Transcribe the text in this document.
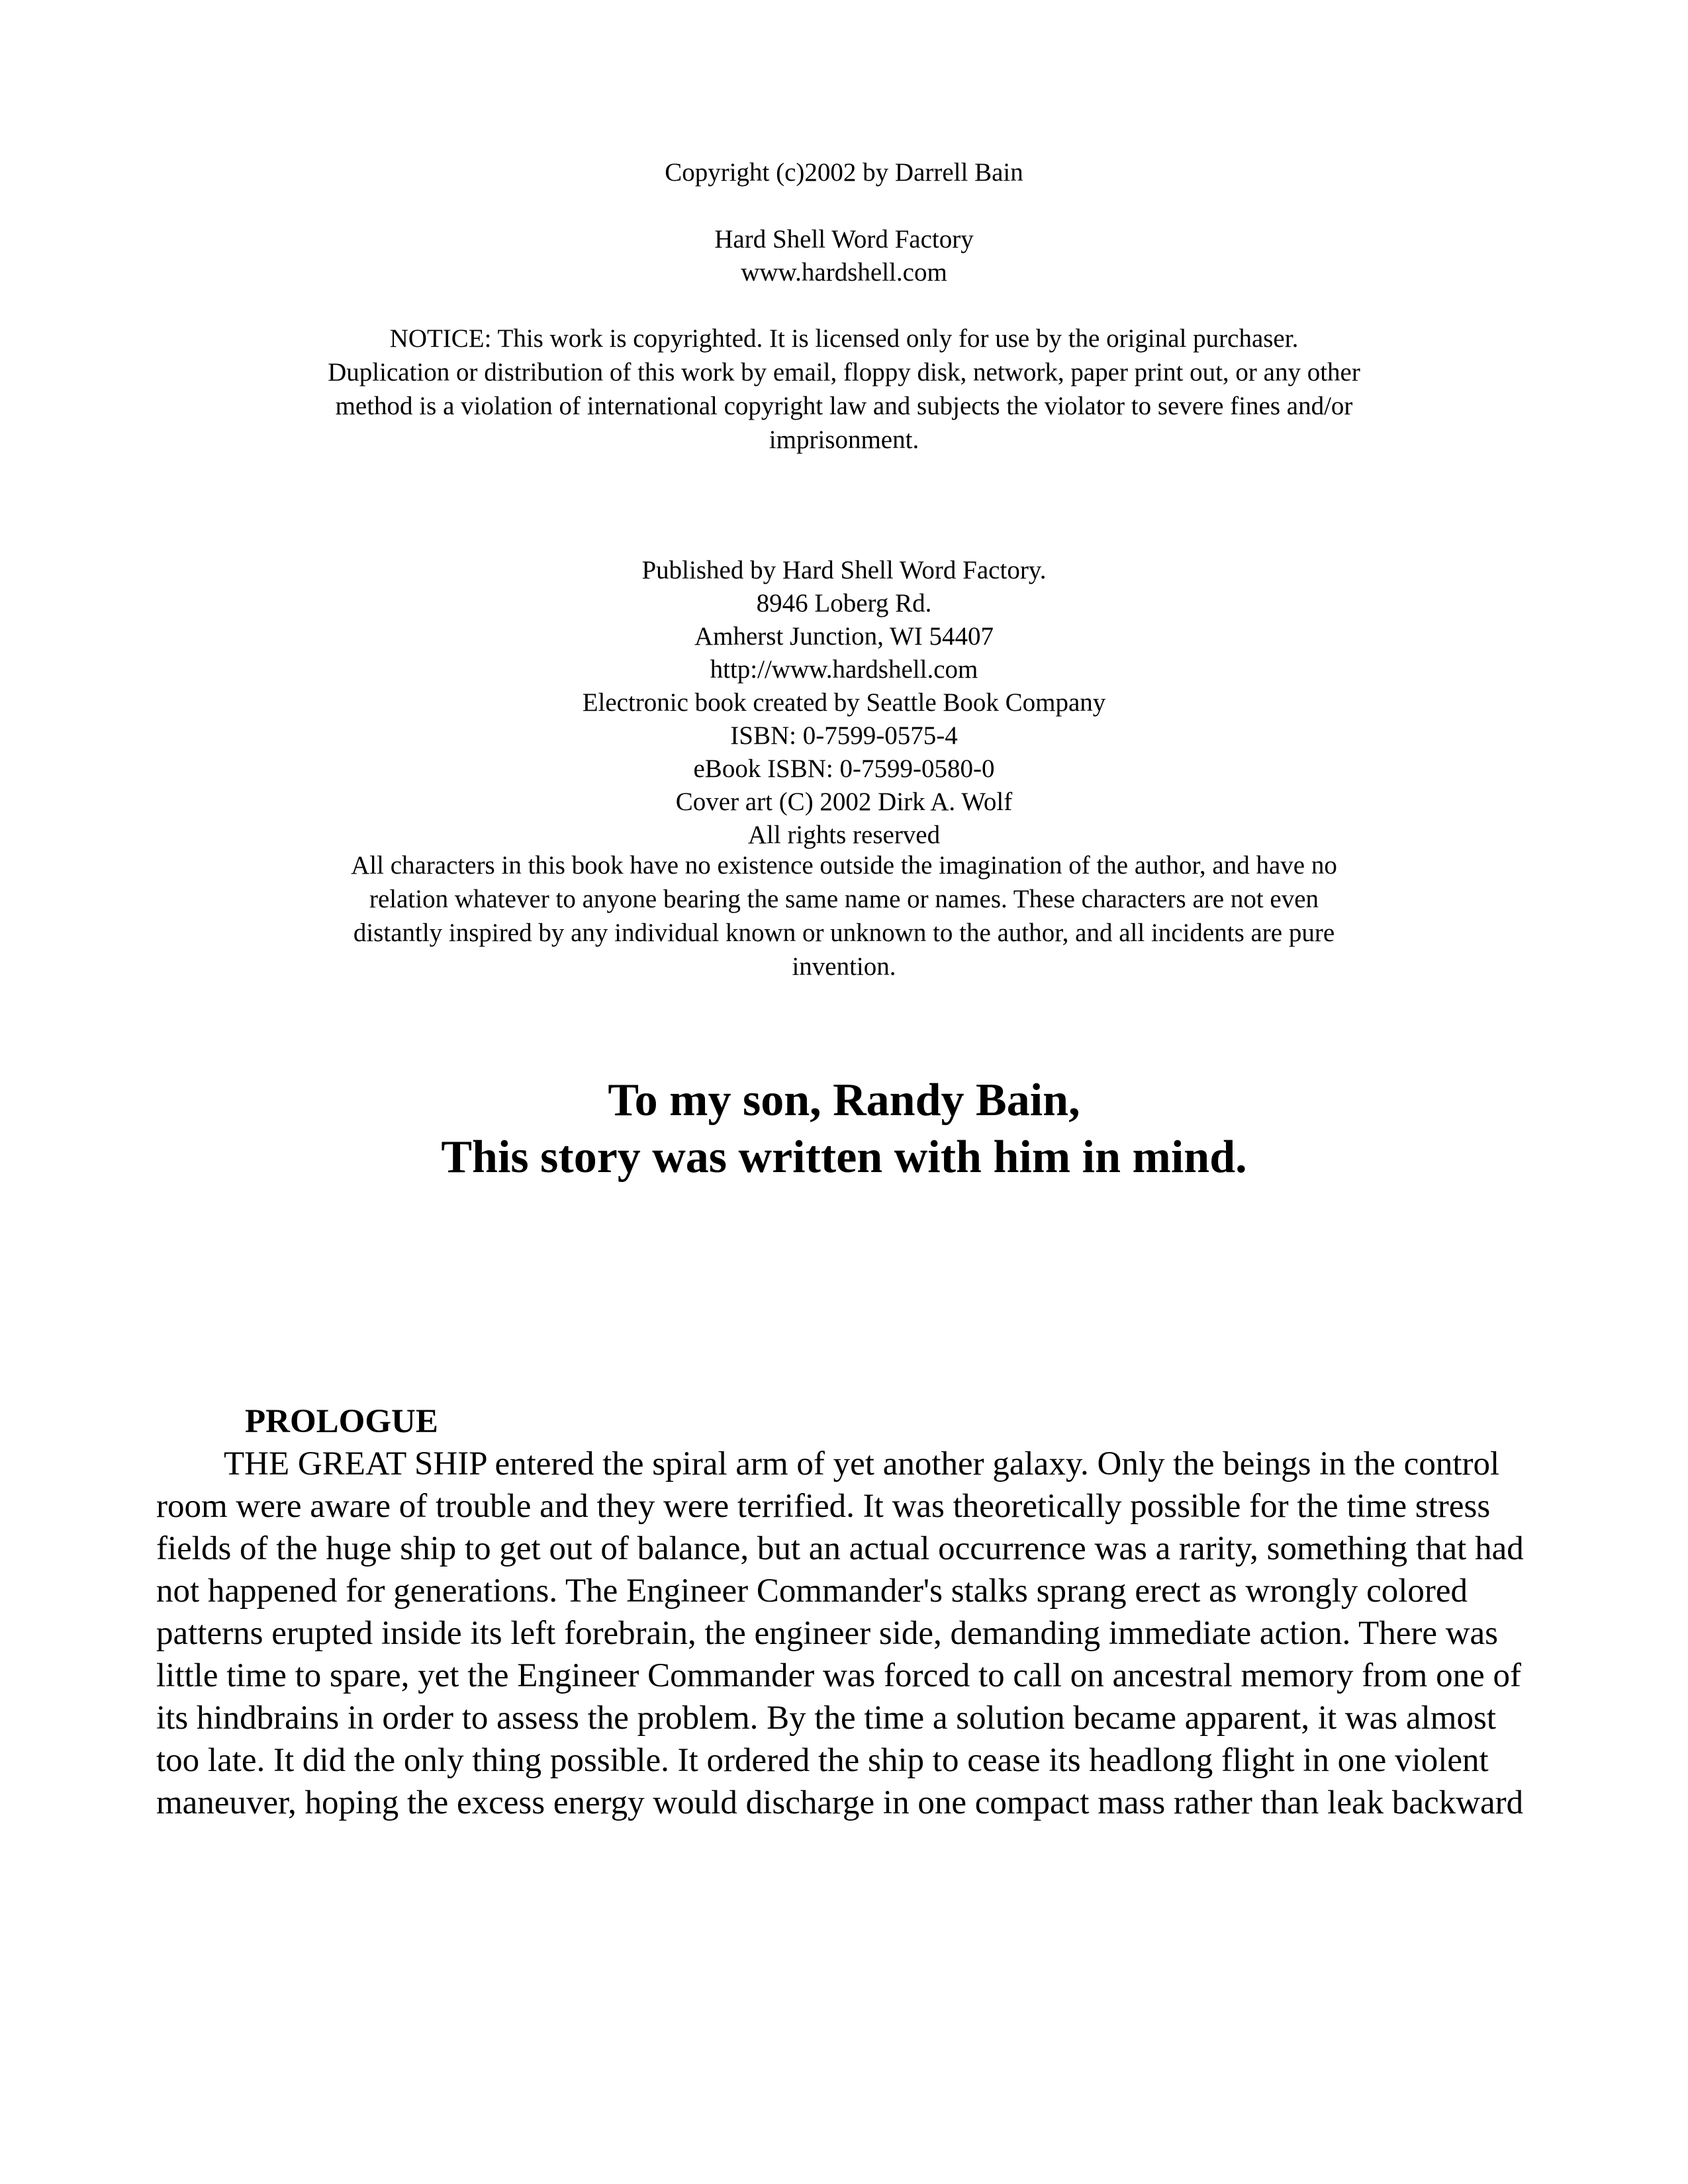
Copyright (c)2002 by Darrell Bain

Hard Shell Word Factory

www.hardshell.com

NOTICE: This work is copyrighted. It is licensed only for use by the original purchaser. Duplication or distribution of this work by email, floppy disk, network, paper print out, or any other method is a violation of international copyright law and subjects the violator to severe fines and/or imprisonment.

Published by Hard Shell Word Factory.
8946 Loberg Rd.
Amherst Junction, WI 54407
http://www.hardshell.com
Electronic book created by Seattle Book Company
ISBN: 0-7599-0575-4
eBook ISBN: 0-7599-0580-0
Cover art (C) 2002 Dirk A. Wolf
All rights reserved

All characters in this book have no existence outside the imagination of the author, and have no relation whatever to anyone bearing the same name or names. These characters are not even distantly inspired by any individual known or unknown to the author, and all incidents are pure invention.

To my son, Randy Bain,
This story was written with him in mind.
PROLOGUE

THE GREAT SHIP entered the spiral arm of yet another galaxy. Only the beings in the control room were aware of trouble and they were terrified. It was theoretically possible for the time stress fields of the huge ship to get out of balance, but an actual occurrence was a rarity, something that had not happened for generations. The Engineer Commander's stalks sprang erect as wrongly colored patterns erupted inside its left forebrain, the engineer side, demanding immediate action. There was little time to spare, yet the Engineer Commander was forced to call on ancestral memory from one of its hindbrains in order to assess the problem. By the time a solution became apparent, it was almost too late. It did the only thing possible. It ordered the ship to cease its headlong flight in one violent maneuver, hoping the excess energy would discharge in one compact mass rather than leak backward
